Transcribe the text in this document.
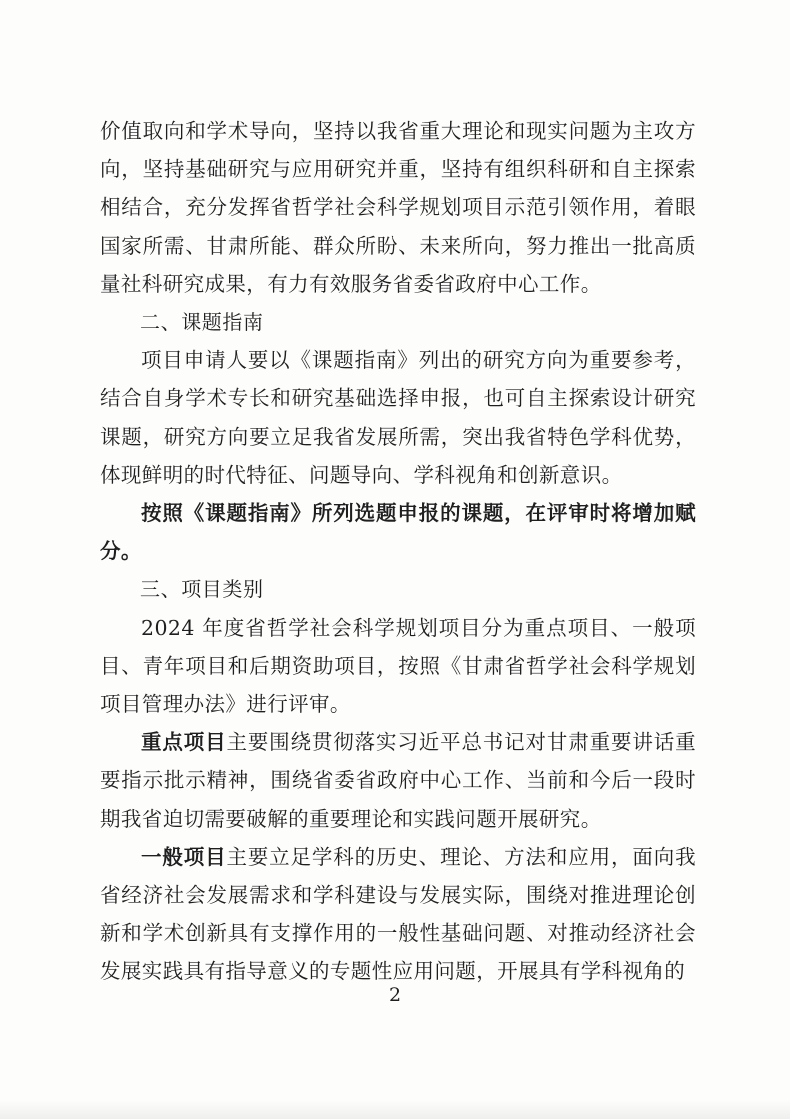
价值取向和学术导向，坚持以我省重大理论和现实问题为主攻方向，坚持基础研究与应用研究并重，坚持有组织科研和自主探索相结合，充分发挥省哲学社会科学规划项目示范引领作用，着眼国家所需、甘肃所能、群众所盼、未来所向，努力推出一批高质量社科研究成果，有力有效服务省委省政府中心工作。

二、课题指南

项目申请人要以《课题指南》列出的研究方向为重要参考，结合自身学术专长和研究基础选择申报，也可自主探索设计研究课题，研究方向要立足我省发展所需，突出我省特色学科优势，体现鲜明的时代特征、问题导向、学科视角和创新意识。

按照《课题指南》所列选题申报的课题，在评审时将增加赋分。

三、项目类别

2024 年度省哲学社会科学规划项目分为重点项目、一般项目、青年项目和后期资助项目，按照《甘肃省哲学社会科学规划项目管理办法》进行评审。

重点项目主要围绕贯彻落实习近平总书记对甘肃重要讲话重要指示批示精神，围绕省委省政府中心工作、当前和今后一段时期我省迫切需要破解的重要理论和实践问题开展研究。

一般项目主要立足学科的历史、理论、方法和应用，面向我省经济社会发展需求和学科建设与发展实际，围绕对推进理论创新和学术创新具有支撑作用的一般性基础问题、对推动经济社会发展实践具有指导意义的专题性应用问题，开展具有学科视角的

2
